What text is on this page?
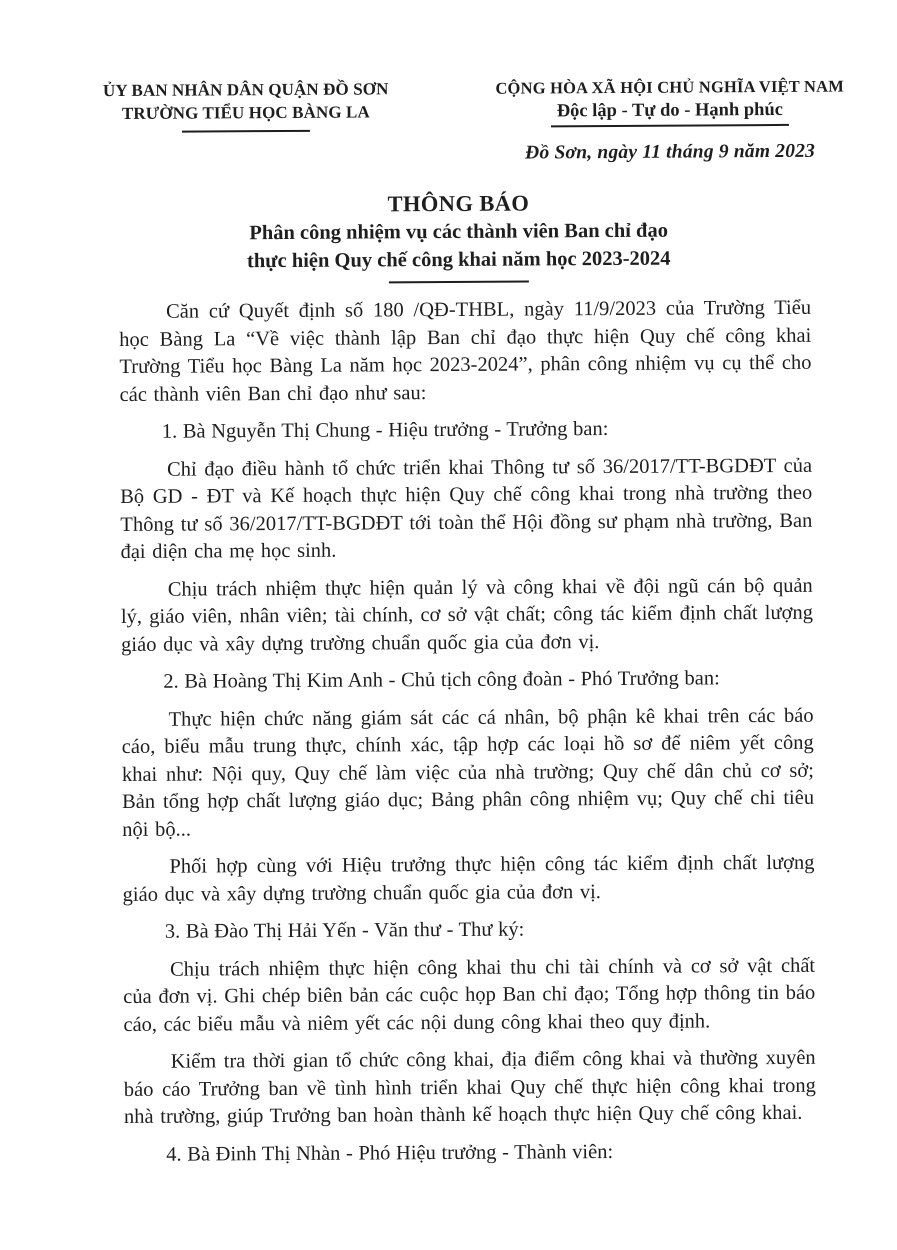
ỦY BAN NHÂN DÂN QUẬN ĐỒ SƠN
TRƯỜNG TIỂU HỌC BÀNG LA
CỘNG HÒA XÃ HỘI CHỦ NGHĨA VIỆT NAM
Độc lập - Tự do - Hạnh phúc
Đồ Sơn, ngày 11 tháng 9 năm 2023
THÔNG BÁO
Phân công nhiệm vụ các thành viên Ban chỉ đạo
thực hiện Quy chế công khai năm học 2023-2024

Căn cứ Quyết định số 180 /QĐ-THBL, ngày 11/9/2023 của Trường Tiểu học Bàng La “Về việc thành lập Ban chỉ đạo thực hiện Quy chế công khai Trường Tiểu học Bàng La năm học 2023-2024”, phân công nhiệm vụ cụ thể cho các thành viên Ban chỉ đạo như sau:

1. Bà Nguyễn Thị Chung - Hiệu trưởng - Trưởng ban:

Chỉ đạo điều hành tổ chức triển khai Thông tư số 36/2017/TT-BGDĐT của Bộ GD - ĐT và Kế hoạch thực hiện Quy chế công khai trong nhà trường theo Thông tư số 36/2017/TT-BGDĐT tới toàn thể Hội đồng sư phạm nhà trường, Ban đại diện cha mẹ học sinh.

Chịu trách nhiệm thực hiện quản lý và công khai về đội ngũ cán bộ quản lý, giáo viên, nhân viên; tài chính, cơ sở vật chất; công tác kiểm định chất lượng giáo dục và xây dựng trường chuẩn quốc gia của đơn vị.

2. Bà Hoàng Thị Kim Anh - Chủ tịch công đoàn - Phó Trưởng ban:

Thực hiện chức năng giám sát các cá nhân, bộ phận kê khai trên các báo cáo, biểu mẫu trung thực, chính xác, tập hợp các loại hồ sơ để niêm yết công khai như: Nội quy, Quy chế làm việc của nhà trường; Quy chế dân chủ cơ sở; Bản tổng hợp chất lượng giáo dục; Bảng phân công nhiệm vụ; Quy chế chi tiêu nội bộ...

Phối hợp cùng với Hiệu trưởng thực hiện công tác kiểm định chất lượng giáo dục và xây dựng trường chuẩn quốc gia của đơn vị.

3. Bà Đào Thị Hải Yến - Văn thư - Thư ký:

Chịu trách nhiệm thực hiện công khai thu chi tài chính và cơ sở vật chất của đơn vị. Ghi chép biên bản các cuộc họp Ban chỉ đạo; Tổng hợp thông tin báo cáo, các biểu mẫu và niêm yết các nội dung công khai theo quy định.

Kiểm tra thời gian tổ chức công khai, địa điểm công khai và thường xuyên báo cáo Trưởng ban về tình hình triển khai Quy chế thực hiện công khai trong nhà trường, giúp Trưởng ban hoàn thành kế hoạch thực hiện Quy chế công khai.

4. Bà Đinh Thị Nhàn - Phó Hiệu trưởng - Thành viên:
